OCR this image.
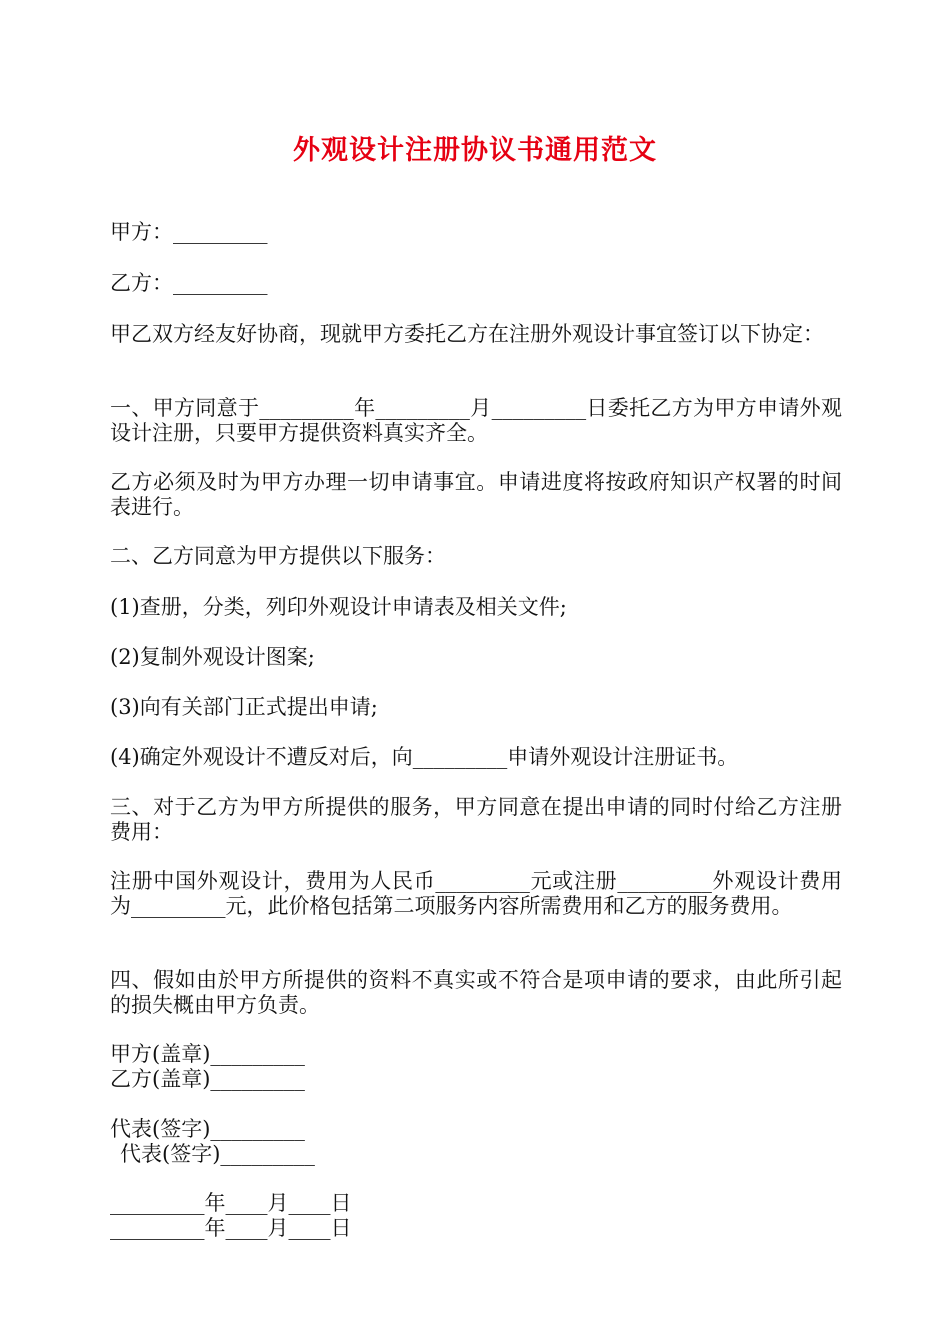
外观设计注册协议书通用范文
甲方：_________
乙方：_________
甲乙双方经友好协商，现就甲方委托乙方在注册外观设计事宜签订以下协定：
一、甲方同意于_________年_________月_________日委托乙方为甲方申请外观设计注册，只要甲方提供资料真实齐全。
乙方必须及时为甲方办理一切申请事宜。申请进度将按政府知识产权署的时间表进行。
二、乙方同意为甲方提供以下服务：
(1)查册，分类，列印外观设计申请表及相关文件;
(2)复制外观设计图案;
(3)向有关部门正式提出申请;
(4)确定外观设计不遭反对后，向_________申请外观设计注册证书。
三、对于乙方为甲方所提供的服务，甲方同意在提出申请的同时付给乙方注册费用：
注册中国外观设计，费用为人民币_________元或注册_________外观设计费用为_________元，此价格包括第二项服务内容所需费用和乙方的服务费用。
四、假如由於甲方所提供的资料不真实或不符合是项申请的要求，由此所引起的损失概由甲方负责。
甲方(盖章)_________
乙方(盖章)_________
代表(签字)_________
代表(签字)_________
_________年____月____日
_________年____月____日
